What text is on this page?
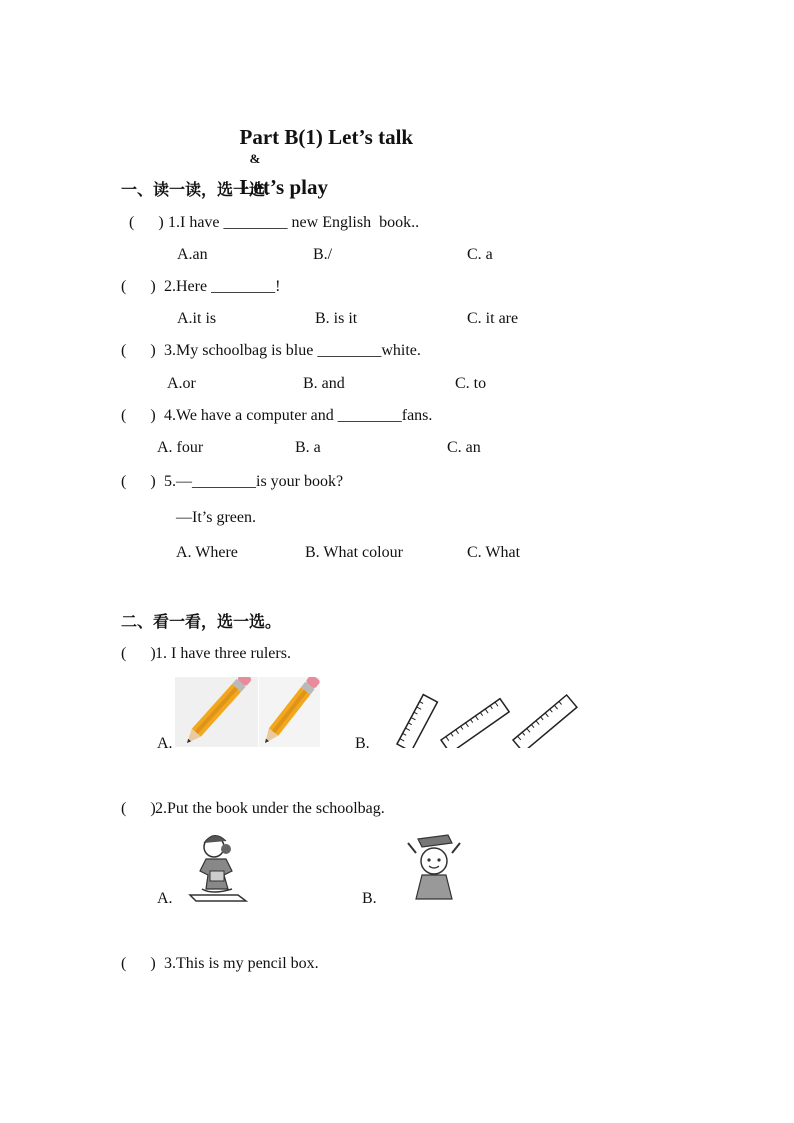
Part B(1) Let’s talk
&
Let’s play

一、读一读，选一选.
(      ) 1.I have ________ new English  book..
A.an	B./	C. a
(      ) 2.Here ________!
A.it is	B. is it	C. it are
(      ) 3.My schoolbag is blue ________white.
A.or	B. and	C. to
(      ) 4.We have a computer and ________fans.
A. four	B. a	C. an
(      ) 5.—________is your book?
—It’s green.
A. Where	B. What colour	C. What
二、看一看，选一选。
(      ) 1. I have three rulers.
A.	B.
(      ) 2.Put the book under the schoolbag.
A.	B.
(      ) 3.This is my pencil box.
